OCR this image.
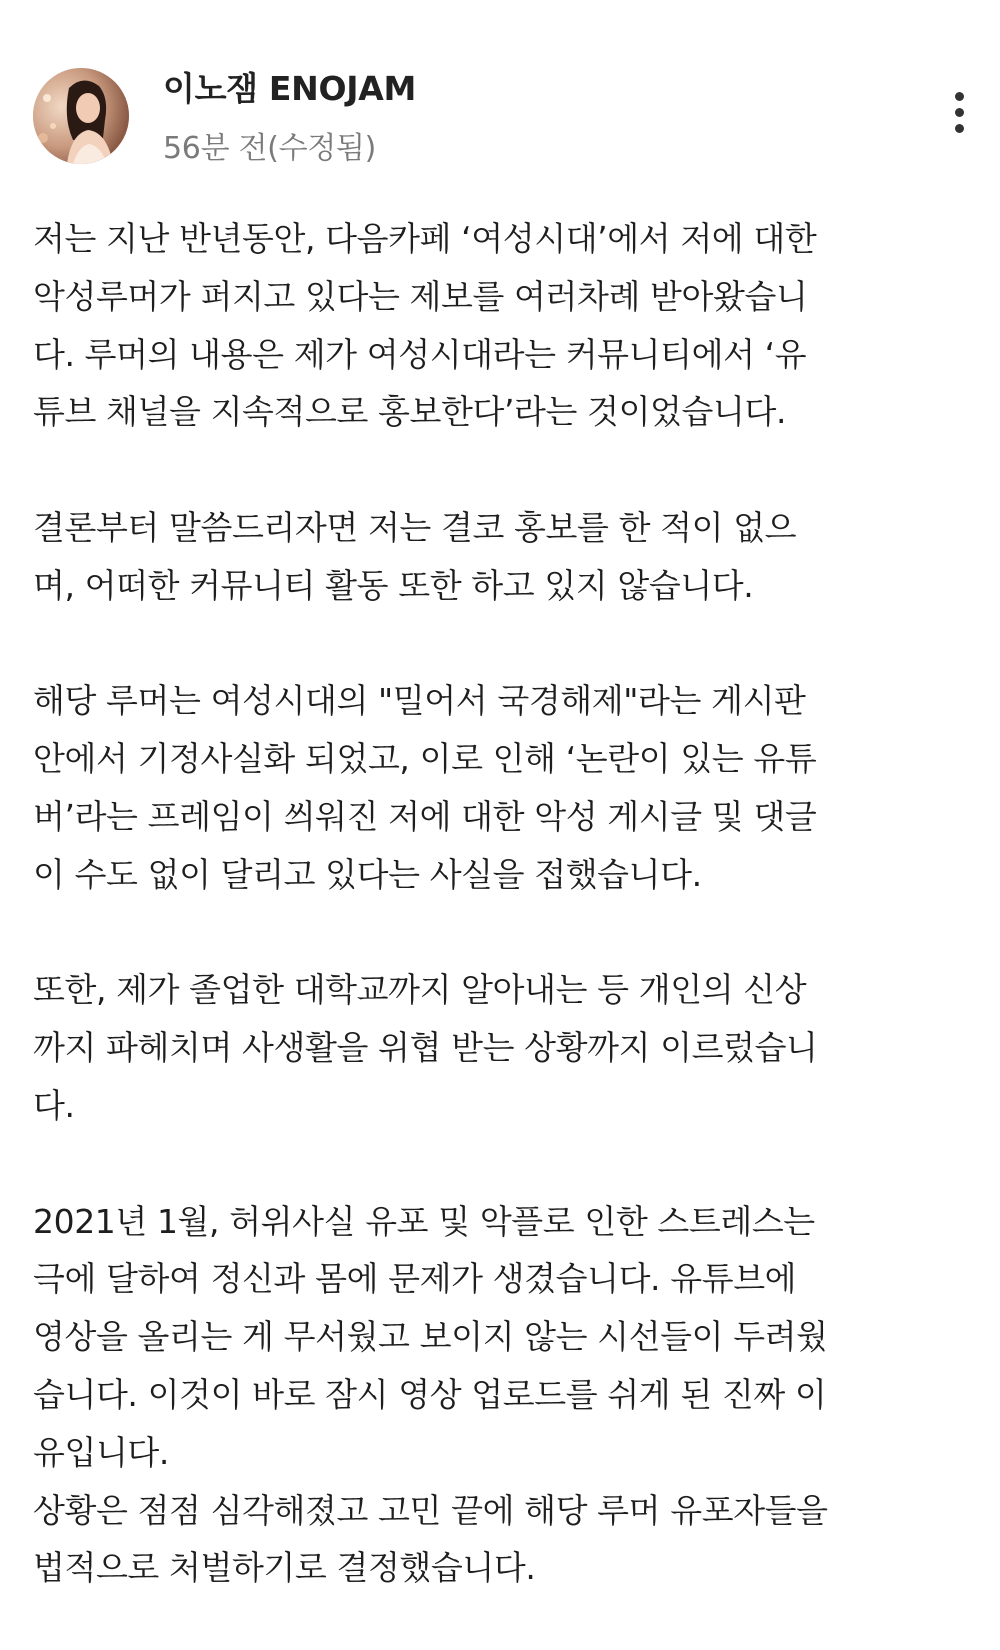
이노잼 ENOJAM
56분 전(수정됨)

저는 지난 반년동안, 다음카페 ‘여성시대’에서 저에 대한
악성루머가 퍼지고 있다는 제보를 여러차례 받아왔습니
다. 루머의 내용은 제가 여성시대라는 커뮤니티에서 ‘유
튜브 채널을 지속적으로 홍보한다’라는 것이었습니다.

결론부터 말씀드리자면 저는 결코 홍보를 한 적이 없으
며, 어떠한 커뮤니티 활동 또한 하고 있지 않습니다.

해당 루머는 여성시대의 "밀어서 국경해제"라는 게시판
안에서 기정사실화 되었고, 이로 인해 ‘논란이 있는 유튜
버’라는 프레임이 씌워진 저에 대한 악성 게시글 및 댓글
이 수도 없이 달리고 있다는 사실을 접했습니다.

또한, 제가 졸업한 대학교까지 알아내는 등 개인의 신상
까지 파헤치며 사생활을 위협 받는 상황까지 이르렀습니
다.

2021년 1월, 허위사실 유포 및 악플로 인한 스트레스는
극에 달하여 정신과 몸에 문제가 생겼습니다. 유튜브에
영상을 올리는 게 무서웠고 보이지 않는 시선들이 두려웠
습니다. 이것이 바로 잠시 영상 업로드를 쉬게 된 진짜 이
유입니다.
상황은 점점 심각해졌고 고민 끝에 해당 루머 유포자들을
법적으로 처벌하기로 결정했습니다.
